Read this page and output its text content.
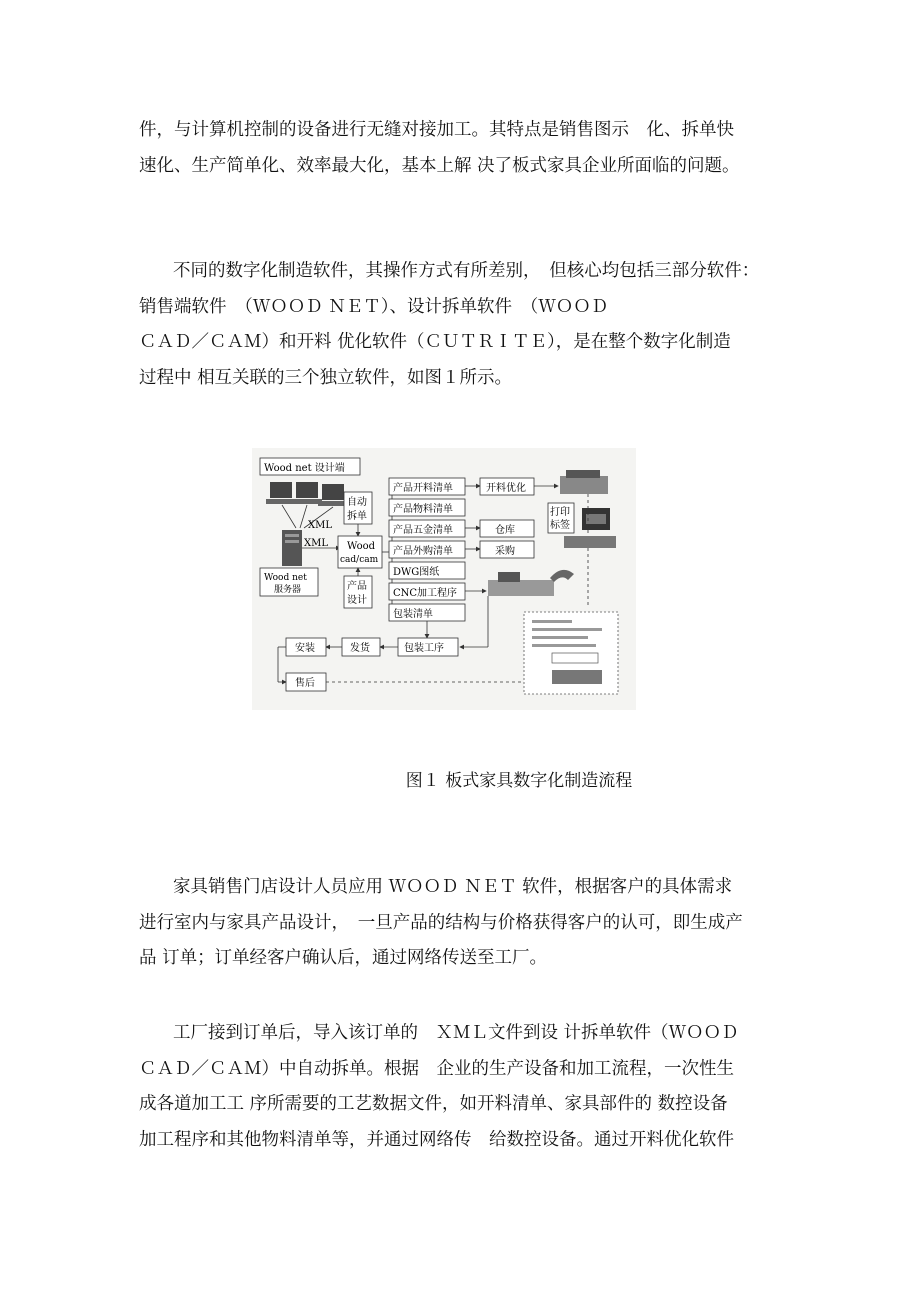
件，与计算机控制的设备进行无缝对接加工。其特点是销售图示　化、拆单快
速化、生产简单化、效率最大化，基本上解 决了板式家具企业所面临的问题。

不同的数字化制造软件，其操作方式有所差别，　但核心均包括三部分软件：
销售端软件　（ＷＯＯＤ ＮＥＴ）、设计拆单软件　（ＷＯＯＤ
ＣＡＤ／ＣＡＭ）和开料 优化软件（ＣＵＴＲＩＴＥ），是在整个数字化制造
过程中 相互关联的三个独立软件，如图１所示。

Wood net 设计端
XML
XML
Wood net
服务器
自动
拆单
Wood
cad/cam
产品
设计
产品开料清单
产品物料清单
产品五金清单
产品外购清单
DWG图纸
CNC加工程序
包装清单
开料优化
打印
标签
仓库
采购
包装工序
发货
安装
售后
图１ 板式家具数字化制造流程

家具销售门店设计人员应用 ＷＯＯＤ ＮＥＴ 软件，根据客户的具体需求
进行室内与家具产品设计，　一旦产品的结构与价格获得客户的认可，即生成产
品 订单；订单经客户确认后，通过网络传送至工厂。

工厂接到订单后，导入该订单的　ＸＭＬ文件到设 计拆单软件（ＷＯＯＤ
ＣＡＤ／ＣＡＭ）中自动拆单。根据　企业的生产设备和加工流程，一次性生
成各道加工工 序所需要的工艺数据文件，如开料清单、家具部件的 数控设备
加工程序和其他物料清单等，并通过网络传　给数控设备。通过开料优化软件
